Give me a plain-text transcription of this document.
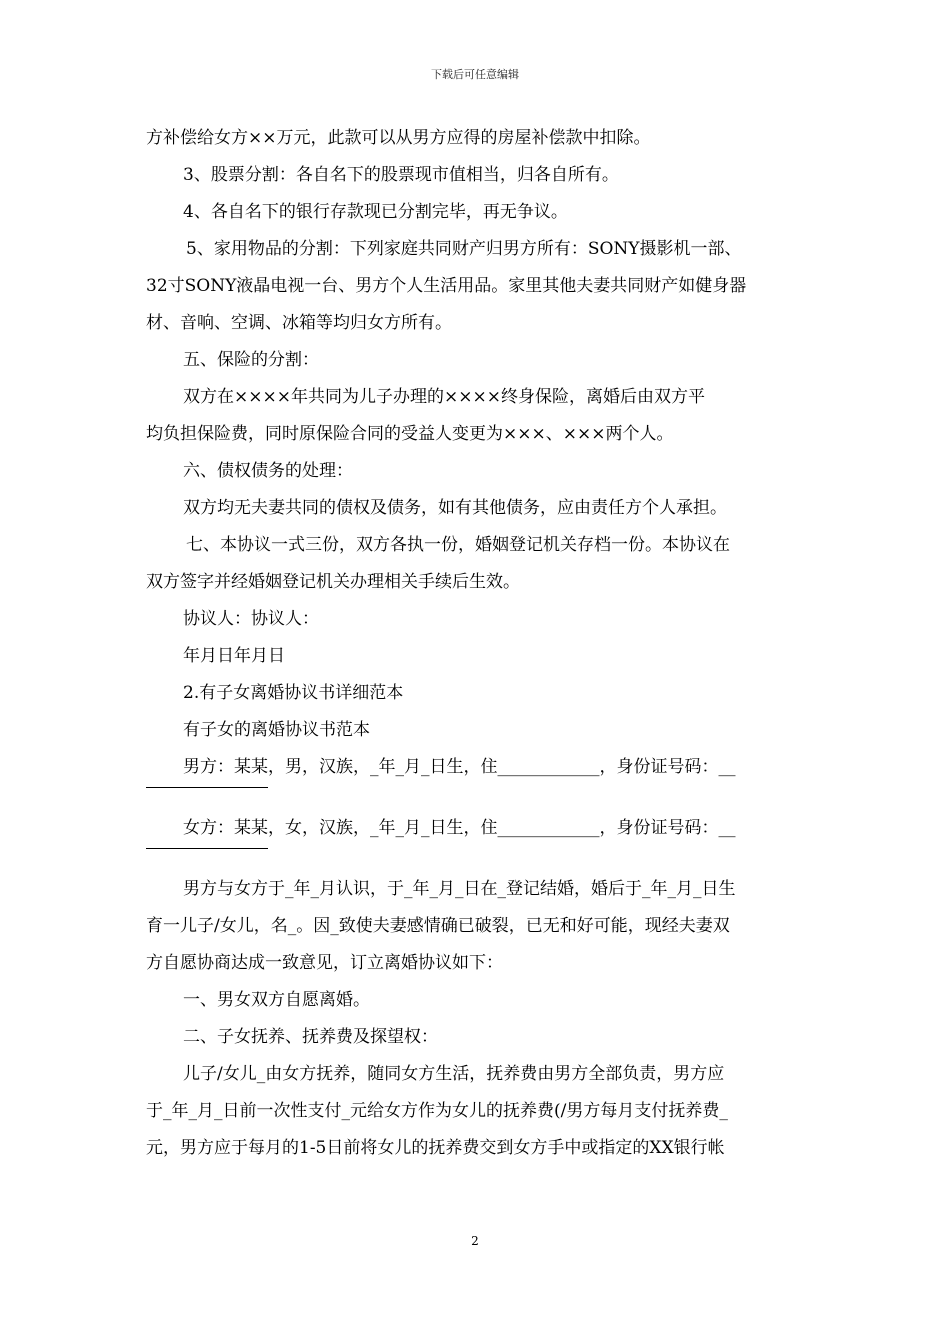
下载后可任意编辑
方补偿给女方××万元，此款可以从男方应得的房屋补偿款中扣除。
3、股票分割：各自名下的股票现市值相当，归各自所有。
4、各自名下的银行存款现已分割完毕，再无争议。
5、家用物品的分割：下列家庭共同财产归男方所有：SONY摄影机一部、
32寸SONY液晶电视一台、男方个人生活用品。家里其他夫妻共同财产如健身器
材、音响、空调、冰箱等均归女方所有。
五、保险的分割：
双方在××××年共同为儿子办理的××××终身保险，离婚后由双方平
均负担保险费，同时原保险合同的受益人变更为×××、×××两个人。
六、债权债务的处理：
双方均无夫妻共同的债权及债务，如有其他债务，应由责任方个人承担。
七、本协议一式三份，双方各执一份，婚姻登记机关存档一份。本协议在
双方签字并经婚姻登记机关办理相关手续后生效。
协议人：协议人：
年月日年月日
2.有子女离婚协议书详细范本
有子女的离婚协议书范本
男方：某某，男，汉族，_年_月_日生，住____________，身份证号码：__
女方：某某，女，汉族，_年_月_日生，住____________，身份证号码：__
男方与女方于_年_月认识，于_年_月_日在_登记结婚，婚后于_年_月_日生
育一儿子/女儿，名_。因_致使夫妻感情确已破裂，已无和好可能，现经夫妻双
方自愿协商达成一致意见，订立离婚协议如下：
一、男女双方自愿离婚。
二、子女抚养、抚养费及探望权：
儿子/女儿_由女方抚养，随同女方生活，抚养费由男方全部负责，男方应
于_年_月_日前一次性支付_元给女方作为女儿的抚养费(/男方每月支付抚养费_
元，男方应于每月的1-5日前将女儿的抚养费交到女方手中或指定的XX银行帐
2
